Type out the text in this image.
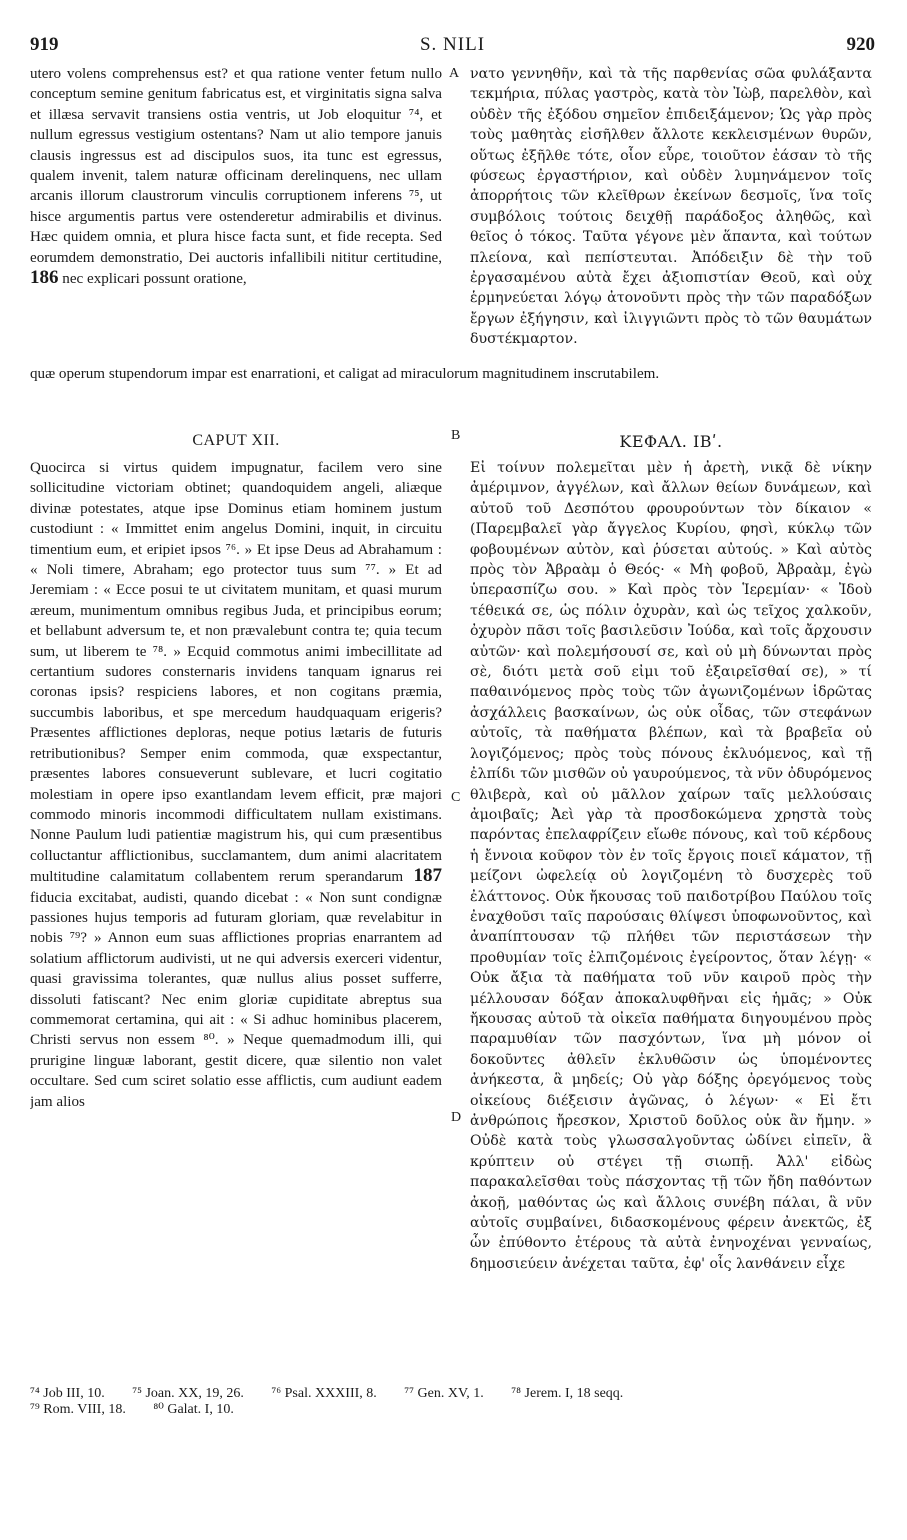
919	S. NILI	920
A
B
C
D
utero volens comprehensus est? et qua ratione venter fetum nullo conceptum semine genitum fabricatus est, et virginitatis signa salva et illæsa servavit transiens ostia ventris, ut Job eloquitur ⁷⁴, et nullum egressus vestigium ostentans? Nam ut alio tempore januis clausis ingressus est ad discipulos suos, ita tunc est egressus, qualem invenit, talem naturæ officinam derelinquens, nec ullam arcanis illorum claustrorum vinculis corruptionem inferens ⁷⁵, ut hisce argumentis partus vere ostenderetur admirabilis et divinus. Hæc quidem omnia, et plura hisce facta sunt, et fide recepta. Sed eorumdem demonstratio, Dei auctoris infallibili nititur certitudine, 186 nec explicari possunt oratione,
νατο γεννηθῆν, καὶ τὰ τῆς παρθενίας σῶα φυλάξαντα τεκμήρια, πύλας γαστρὸς, κατὰ τὸν Ἰὼβ, παρελθὸν, καὶ οὐδὲν τῆς ἐξόδου σημεῖον ἐπιδειξάμενον; Ὡς γὰρ πρὸς τοὺς μαθητὰς εἰσῆλθεν ἄλλοτε κεκλεισμένων θυρῶν, οὕτως ἐξῆλθε τότε, οἷον εὗρε, τοιοῦτον ἐάσαν τὸ τῆς φύσεως ἐργαστήριον, καὶ οὐδὲν λυμηνάμενον τοῖς ἀπορρήτοις τῶν κλεῖθρων ἐκείνων δεσμοῖς, ἵνα τοῖς συμβόλοις τούτοις δειχθῇ παράδοξος ἀληθῶς, καὶ θεῖος ὁ τόκος. Ταῦτα γέγονε μὲν ἅπαντα, καὶ τούτων πλείονα, καὶ πεπίστευται. Ἀπόδειξιν δὲ τὴν τοῦ ἐργασαμένου αὐτὰ ἔχει ἀξιοπιστίαν Θεοῦ, καὶ οὐχ ἑρμηνεύεται λόγῳ ἀτονοῦντι πρὸς τὴν τῶν παραδόξων ἔργων ἐξήγησιν, καὶ ἰλιγγιῶντι πρὸς τὸ τῶν θαυμάτων δυστέκμαρτον.
quæ operum stupendorum impar est enarrationi, et caligat ad miraculorum magnitudinem inscrutabilem.
CAPUT XII.	ΚΕΦΑΛ. ΙΒʹ.
Quocirca si virtus quidem impugnatur, facilem vero sine sollicitudine victoriam obtinet; quandoquidem angeli, aliæque divinæ potestates, atque ipse Dominus etiam hominem justum custodiunt : « Immittet enim angelus Domini, inquit, in circuitu timentium eum, et eripiet ipsos ⁷⁶. » Et ipse Deus ad Abrahamum : « Noli timere, Abraham; ego protector tuus sum ⁷⁷. » Et ad Jeremiam : « Ecce posui te ut civitatem munitam, et quasi murum æreum, munimentum omnibus regibus Juda, et principibus eorum; et bellabunt adversum te, et non prævalebunt contra te; quia tecum sum, ut liberem te ⁷⁸. » Ecquid commotus animi imbecillitate ad certantium sudores consternaris invidens tanquam ignarus rei coronas ipsis? respiciens labores, et non cogitans præmia, succumbis laboribus, et spe mercedum haudquaquam erigeris? Præsentes afflictiones deploras, neque potius lætaris de futuris retributionibus? Semper enim commoda, quæ exspectantur, præsentes labores consueverunt sublevare, et lucri cogitatio molestiam in opere ipso exantlandam levem efficit, præ majori commodo minoris incommodi difficultatem nullam existimans. Nonne Paulum ludi patientiæ magistrum his, qui cum præsentibus colluctantur afflictionibus, succlamantem, dum animi alacritatem multitudine calamitatum collabentem rerum sperandarum 187 fiducia excitabat, audisti, quando dicebat : « Non sunt condignæ passiones hujus temporis ad futuram gloriam, quæ revelabitur in nobis ⁷⁹? » Annon eum suas afflictiones proprias enarrantem ad solatium afflictorum audivisti, ut ne qui adversis exerceri videntur, quasi gravissima tolerantes, quæ nullus alius posset sufferre, dissoluti fatiscant? Nec enim gloriæ cupiditate abreptus sua commemorat certamina, qui ait : « Si adhuc hominibus placerem, Christi servus non essem ⁸⁰. » Neque quemadmodum illi, qui prurigine linguæ laborant, gestit dicere, quæ silentio non valet occultare. Sed cum sciret solatio esse afflictis, cum audiunt eadem jam alios
Εἰ τοίνυν πολεμεῖται μὲν ἡ ἀρετὴ, νικᾷ δὲ νίκην ἀμέριμνον, ἀγγέλων, καὶ ἄλλων θείων δυνάμεων, καὶ αὐτοῦ τοῦ Δεσπότου φρουρούντων τὸν δίκαιον « (Παρεμβαλεῖ γὰρ ἄγγελος Κυρίου, φησὶ, κύκλῳ τῶν φοβουμένων αὐτὸν, καὶ ῥύσεται αὐτούς. » Καὶ αὐτὸς πρὸς τὸν Ἀβραὰμ ὁ Θεός· « Μὴ φοβοῦ, Ἀβραὰμ, ἐγὼ ὑπερασπίζω σου. » Καὶ πρὸς τὸν Ἱερεμίαν· « Ἰδοὺ τέθεικά σε, ὡς πόλιν ὀχυρὰν, καὶ ὡς τεῖχος χαλκοῦν, ὀχυρὸν πᾶσι τοῖς βασιλεῦσιν Ἰούδα, καὶ τοῖς ἄρχουσιν αὐτῶν· καὶ πολεμήσουσί σε, καὶ οὐ μὴ δύνωνται πρὸς σὲ, διότι μετὰ σοῦ εἰμι τοῦ ἐξαιρεῖσθαί σε), » τί παθαινόμενος πρὸς τοὺς τῶν ἀγωνιζομένων ἱδρῶτας ἀσχάλλεις βασκαίνων, ὡς οὐκ οἶδας, τῶν στεφάνων αὐτοῖς, τὰ παθήματα βλέπων, καὶ τὰ βραβεῖα οὐ λογιζόμενος; πρὸς τοὺς πόνους ἐκλυόμενος, καὶ τῇ ἐλπίδι τῶν μισθῶν οὐ γαυρούμενος, τὰ νῦν ὀδυρόμενος θλιβερὰ, καὶ οὐ μᾶλλον χαίρων ταῖς μελλούσαις ἀμοιβαῖς; Ἀεὶ γὰρ τὰ προσδοκώμενα χρηστὰ τοὺς παρόντας ἐπελαφρίζειν εἴωθε πόνους, καὶ τοῦ κέρδους ἡ ἔννοια κοῦφον τὸν ἐν τοῖς ἔργοις ποιεῖ κάματον, τῇ μείζονι ὠφελείᾳ οὐ λογιζομένη τὸ δυσχερὲς τοῦ ἐλάττονος. Οὐκ ἤκουσας τοῦ παιδοτρίβου Παύλου τοῖς ἐναχθοῦσι ταῖς παρούσαις θλίψεσι ὑποφωνοῦντος, καὶ ἀναπίπτουσαν τῷ πλήθει τῶν περιστάσεων τὴν προθυμίαν τοῖς ἐλπιζομένοις ἐγείροντος, ὅταν λέγῃ· « Οὐκ ἄξια τὰ παθήματα τοῦ νῦν καιροῦ πρὸς τὴν μέλλουσαν δόξαν ἀποκαλυφθῆναι εἰς ἡμᾶς; » Οὐκ ἤκουσας αὐτοῦ τὰ οἰκεῖα παθήματα διηγουμένου πρὸς παραμυθίαν τῶν πασχόντων, ἵνα μὴ μόνον οἱ δοκοῦντες ἀθλεῖν ἐκλυθῶσιν ὡς ὑπομένοντες ἀνήκεστα, ἃ μηδείς; Οὐ γὰρ δόξης ὀρεγόμενος τοὺς οἰκείους διέξεισιν ἀγῶνας, ὁ λέγων· « Εἰ ἔτι ἀνθρώποις ἤρεσκον, Χριστοῦ δοῦλος οὐκ ἂν ἤμην. » Οὐδὲ κατὰ τοὺς γλωσσαλγοῦντας ὠδίνει εἰπεῖν, ἃ κρύπτειν οὐ στέγει τῇ σιωπῇ. Ἀλλ' εἰδὼς παρακαλεῖσθαι τοὺς πάσχοντας τῇ τῶν ἤδη παθόντων ἀκοῇ, μαθόντας ὡς καὶ ἄλλοις συνέβη πάλαι, ἃ νῦν αὐτοῖς συμβαίνει, διδασκομένους φέρειν ἀνεκτῶς, ἐξ ὧν ἐπύθοντο ἑτέρους τὰ αὐτὰ ἐνηνοχέναι γενναίως, δημοσιεύειν ἀνέχεται ταῦτα, ἐφ' οἷς λανθάνειν εἶχε
⁷⁴ Job III, 10. ⁷⁵ Joan. XX, 19, 26. ⁷⁶ Psal. XXXIII, 8. ⁷⁷ Gen. XV, 1. ⁷⁸ Jerem. I, 18 seqq.
⁷⁹ Rom. VIII, 18. ⁸⁰ Galat. I, 10.
